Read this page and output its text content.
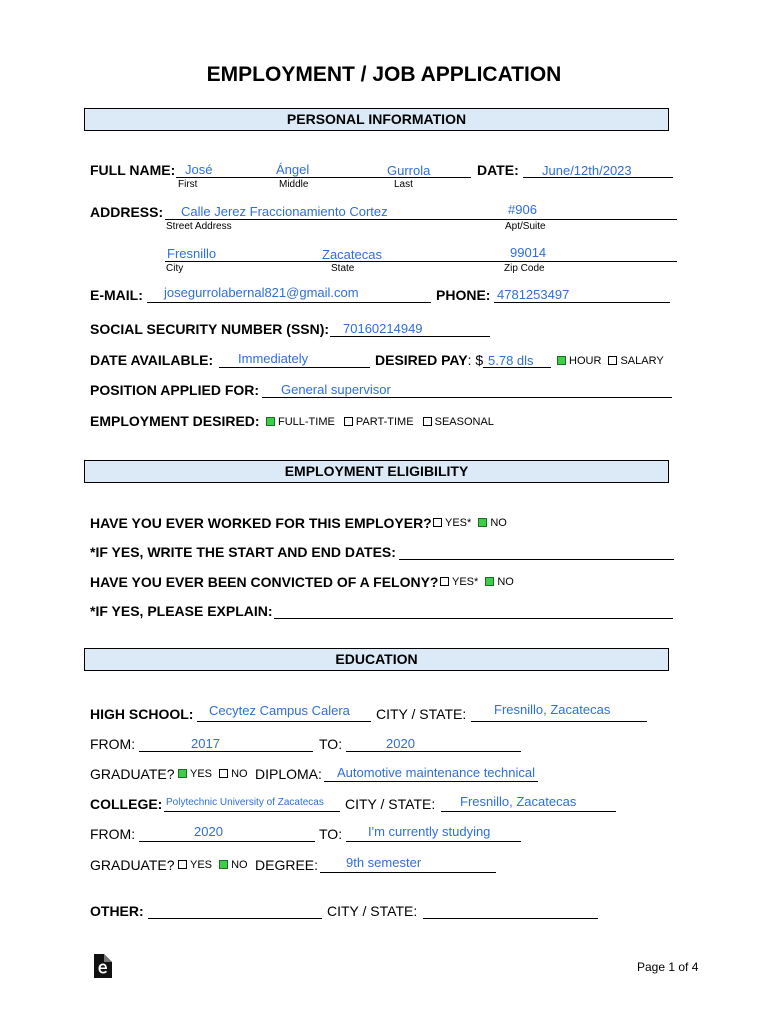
EMPLOYMENT / JOB APPLICATION
PERSONAL INFORMATION
FULL NAME: José	Ángel	Gurrola
First	Middle	Last
DATE: June/12th/2023
ADDRESS: Calle Jerez Fraccionamiento Cortez	#906
Street Address	Apt/Suite
Fresnillo	Zacatecas	99014
City	State	Zip Code
E-MAIL: josegurrolabernal821@gmail.com	PHONE: 4781253497
SOCIAL SECURITY NUMBER (SSN): 70160214949
DATE AVAILABLE: Immediately	DESIRED PAY: $ 5.78 dls	HOUR SALARY
POSITION APPLIED FOR: General supervisor
EMPLOYMENT DESIRED:	FULL-TIME PART-TIME SEASONAL
EMPLOYMENT ELIGIBILITY
HAVE YOU EVER WORKED FOR THIS EMPLOYER?	YES* NO
*IF YES, WRITE THE START AND END DATES:
HAVE YOU EVER BEEN CONVICTED OF A FELONY?	YES* NO
*IF YES, PLEASE EXPLAIN:
EDUCATION
HIGH SCHOOL: Cecytez Campus Calera CITY / STATE: Fresnillo, Zacatecas
FROM:	2017	TO:	2020
GRADUATE?	YES NO DIPLOMA: Automotive maintenance technical
COLLEGE: Polytechnic University of Zacatecas CITY / STATE: Fresnillo, Zacatecas
FROM:	2020	TO: I'm currently studying
GRADUATE?	YES NO DEGREE: 9th semester
OTHER:	CITY / STATE:
Page 1 of 4
